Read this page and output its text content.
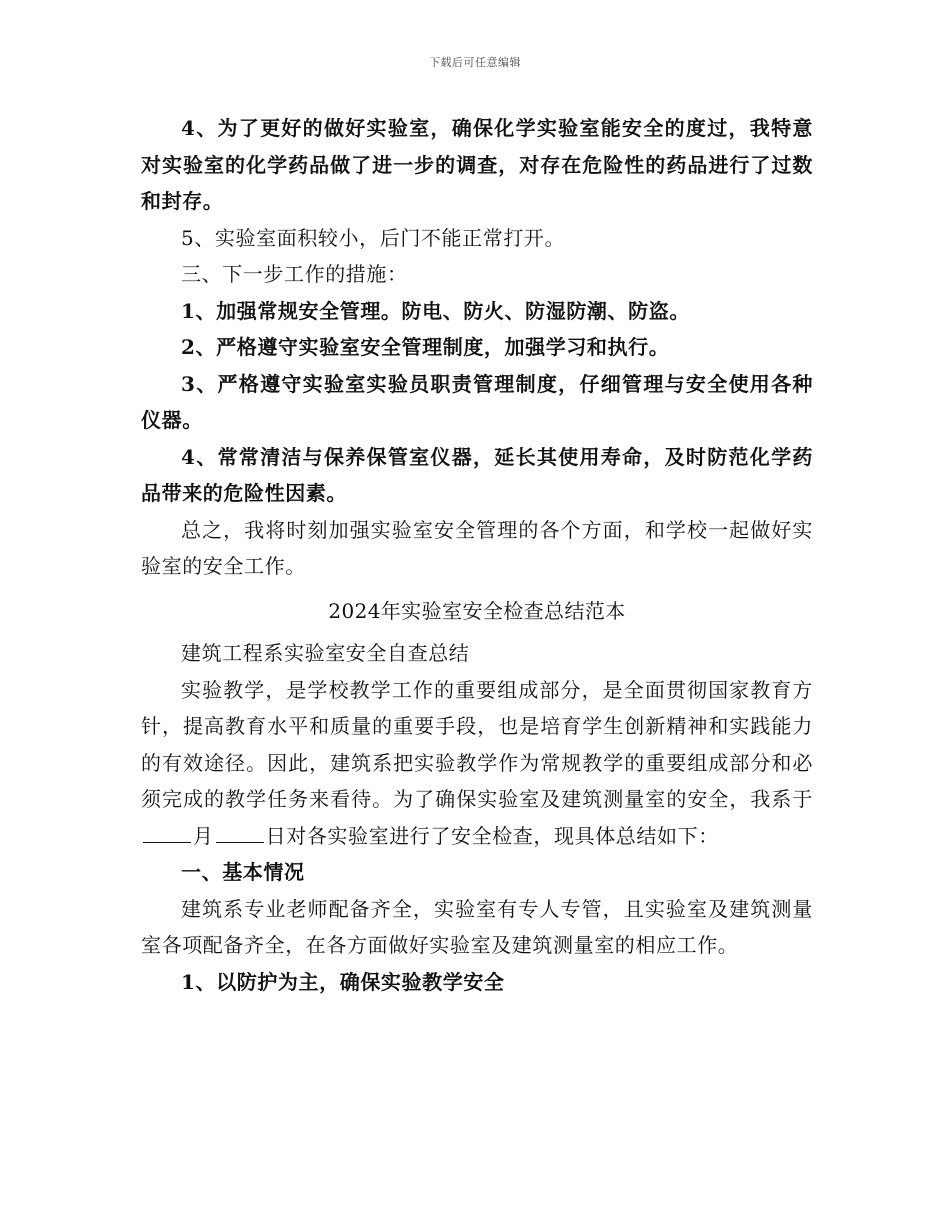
下载后可任意编辑

4、为了更好的做好实验室，确保化学实验室能安全的度过，我特意对实验室的化学药品做了进一步的调查，对存在危险性的药品进行了过数和封存。

5、实验室面积较小，后门不能正常打开。

三、下一步工作的措施：

1、加强常规安全管理。防电、防火、防湿防潮、防盗。

2、严格遵守实验室安全管理制度，加强学习和执行。

3、严格遵守实验室实验员职责管理制度，仔细管理与安全使用各种仪器。

4、常常清洁与保养保管室仪器，延长其使用寿命，及时防范化学药品带来的危险性因素。

总之，我将时刻加强实验室安全管理的各个方面，和学校一起做好实验室的安全工作。

2024年实验室安全检查总结范本

建筑工程系实验室安全自查总结

实验教学，是学校教学工作的重要组成部分，是全面贯彻国家教育方针，提高教育水平和质量的重要手段，也是培育学生创新精神和实践能力的有效途径。因此，建筑系把实验教学作为常规教学的重要组成部分和必须完成的教学任务来看待。为了确保实验室及建筑测量室的安全，我系于月	日对各实验室进行了安全检查，现具体总结如下：

一、基本情况

建筑系专业老师配备齐全，实验室有专人专管，且实验室及建筑测量室各项配备齐全，在各方面做好实验室及建筑测量室的相应工作。

1、以防护为主，确保实验教学安全
